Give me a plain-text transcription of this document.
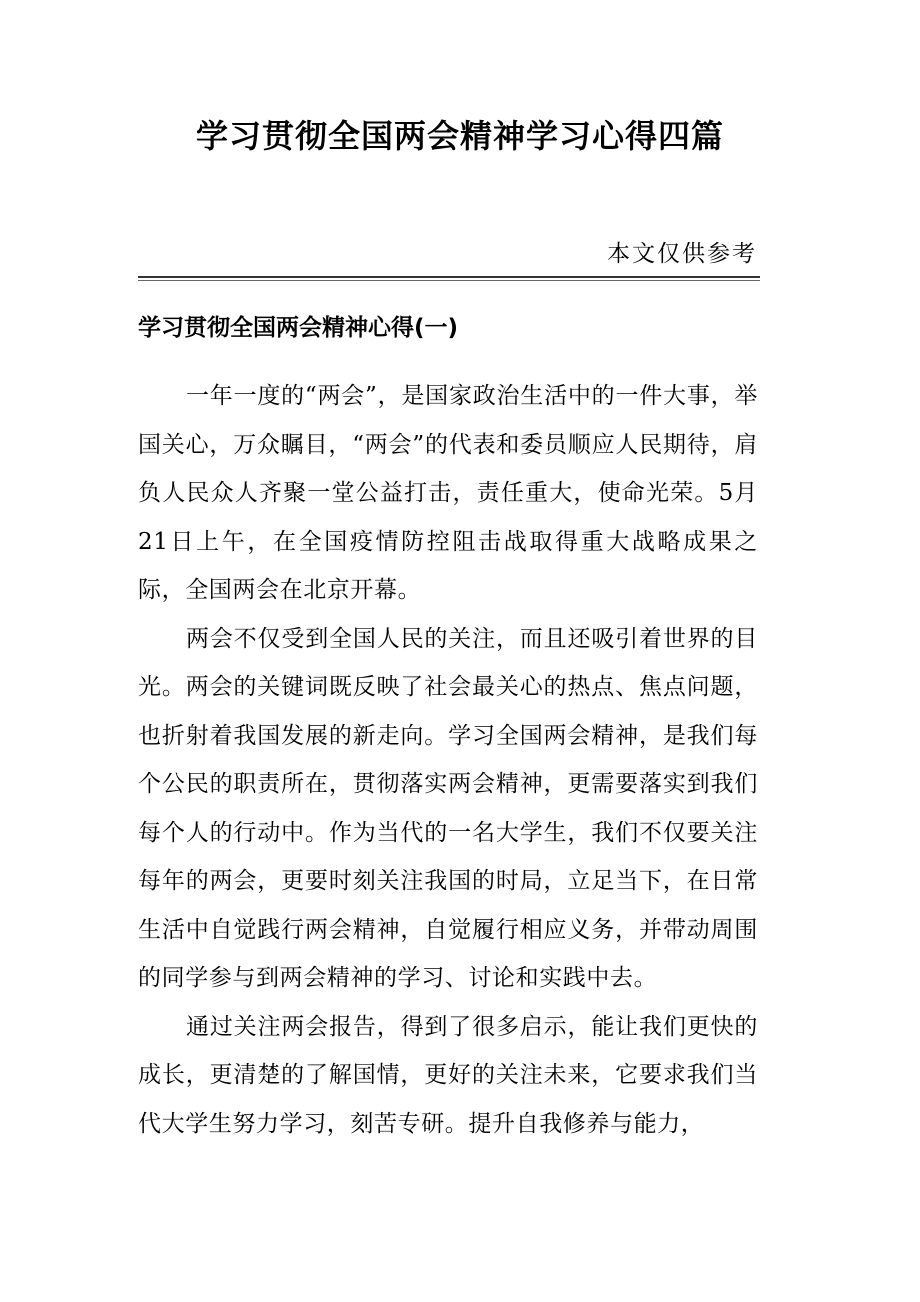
学习贯彻全国两会精神学习心得四篇
本文仅供参考
学习贯彻全国两会精神心得(一)

一年一度的“两会”，是国家政治生活中的一件大事，举国关心，万众瞩目，“两会”的代表和委员顺应人民期待，肩负人民众人齐聚一堂公益打击，责任重大，使命光荣。5月21日上午，在全国疫情防控阻击战取得重大战略成果之际，全国两会在北京开幕。

两会不仅受到全国人民的关注，而且还吸引着世界的目光。两会的关键词既反映了社会最关心的热点、焦点问题，也折射着我国发展的新走向。学习全国两会精神，是我们每个公民的职责所在，贯彻落实两会精神，更需要落实到我们每个人的行动中。作为当代的一名大学生，我们不仅要关注每年的两会，更要时刻关注我国的时局，立足当下，在日常生活中自觉践行两会精神，自觉履行相应义务，并带动周围的同学参与到两会精神的学习、讨论和实践中去。

通过关注两会报告，得到了很多启示，能让我们更快的成长，更清楚的了解国情，更好的关注未来，它要求我们当代大学生努力学习，刻苦专研。提升自我修养与能力，
